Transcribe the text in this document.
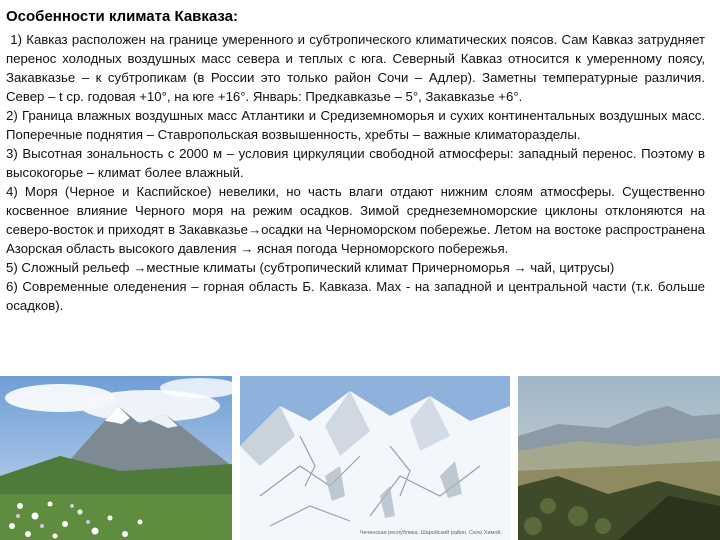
Особенности климата Кавказа:

1) Кавказ расположен на границе умеренного и субтропического климатических поясов. Сам Кавказ затрудняет перенос холодных воздушных масс севера и теплых с юга. Северный Кавказ относится к умеренному поясу, Закавказье – к субтропикам (в России это только район Сочи – Адлер). Заметны температурные различия. Север – t ср. годовая +10°, на юге +16°. Январь: Предкавказье – 5°, Закавказье +6°.

2) Граница влажных воздушных масс Атлантики и Средиземноморья и сухих континентальных воздушных масс. Поперечные поднятия – Ставропольская возвышенность, хребты – важные климаторазделы.

3) Высотная зональность с 2000 м – условия циркуляции свободной атмосферы: западный перенос. Поэтому в высокогорье – климат более влажный.

4) Моря (Черное и Каспийское) невелики, но часть влаги отдают нижним слоям атмосферы. Существенно косвенное влияние Черного моря на режим осадков. Зимой среднеземноморские циклоны отклоняются на северо-восток и приходят в Закавказье→осадки на Черноморском побережье. Летом на востоке распространена Азорская область высокого давления → ясная погода Черноморского побережья.

5) Сложный рельеф →местные климаты (субтропический климат Причерноморья → чай, цитрусы)

6) Современные оледенения – горная область Б. Кавказа. Max - на западной и центральной части (т.к. больше осадков).

Чеченская республика. Шаройский район. Село Химой.
